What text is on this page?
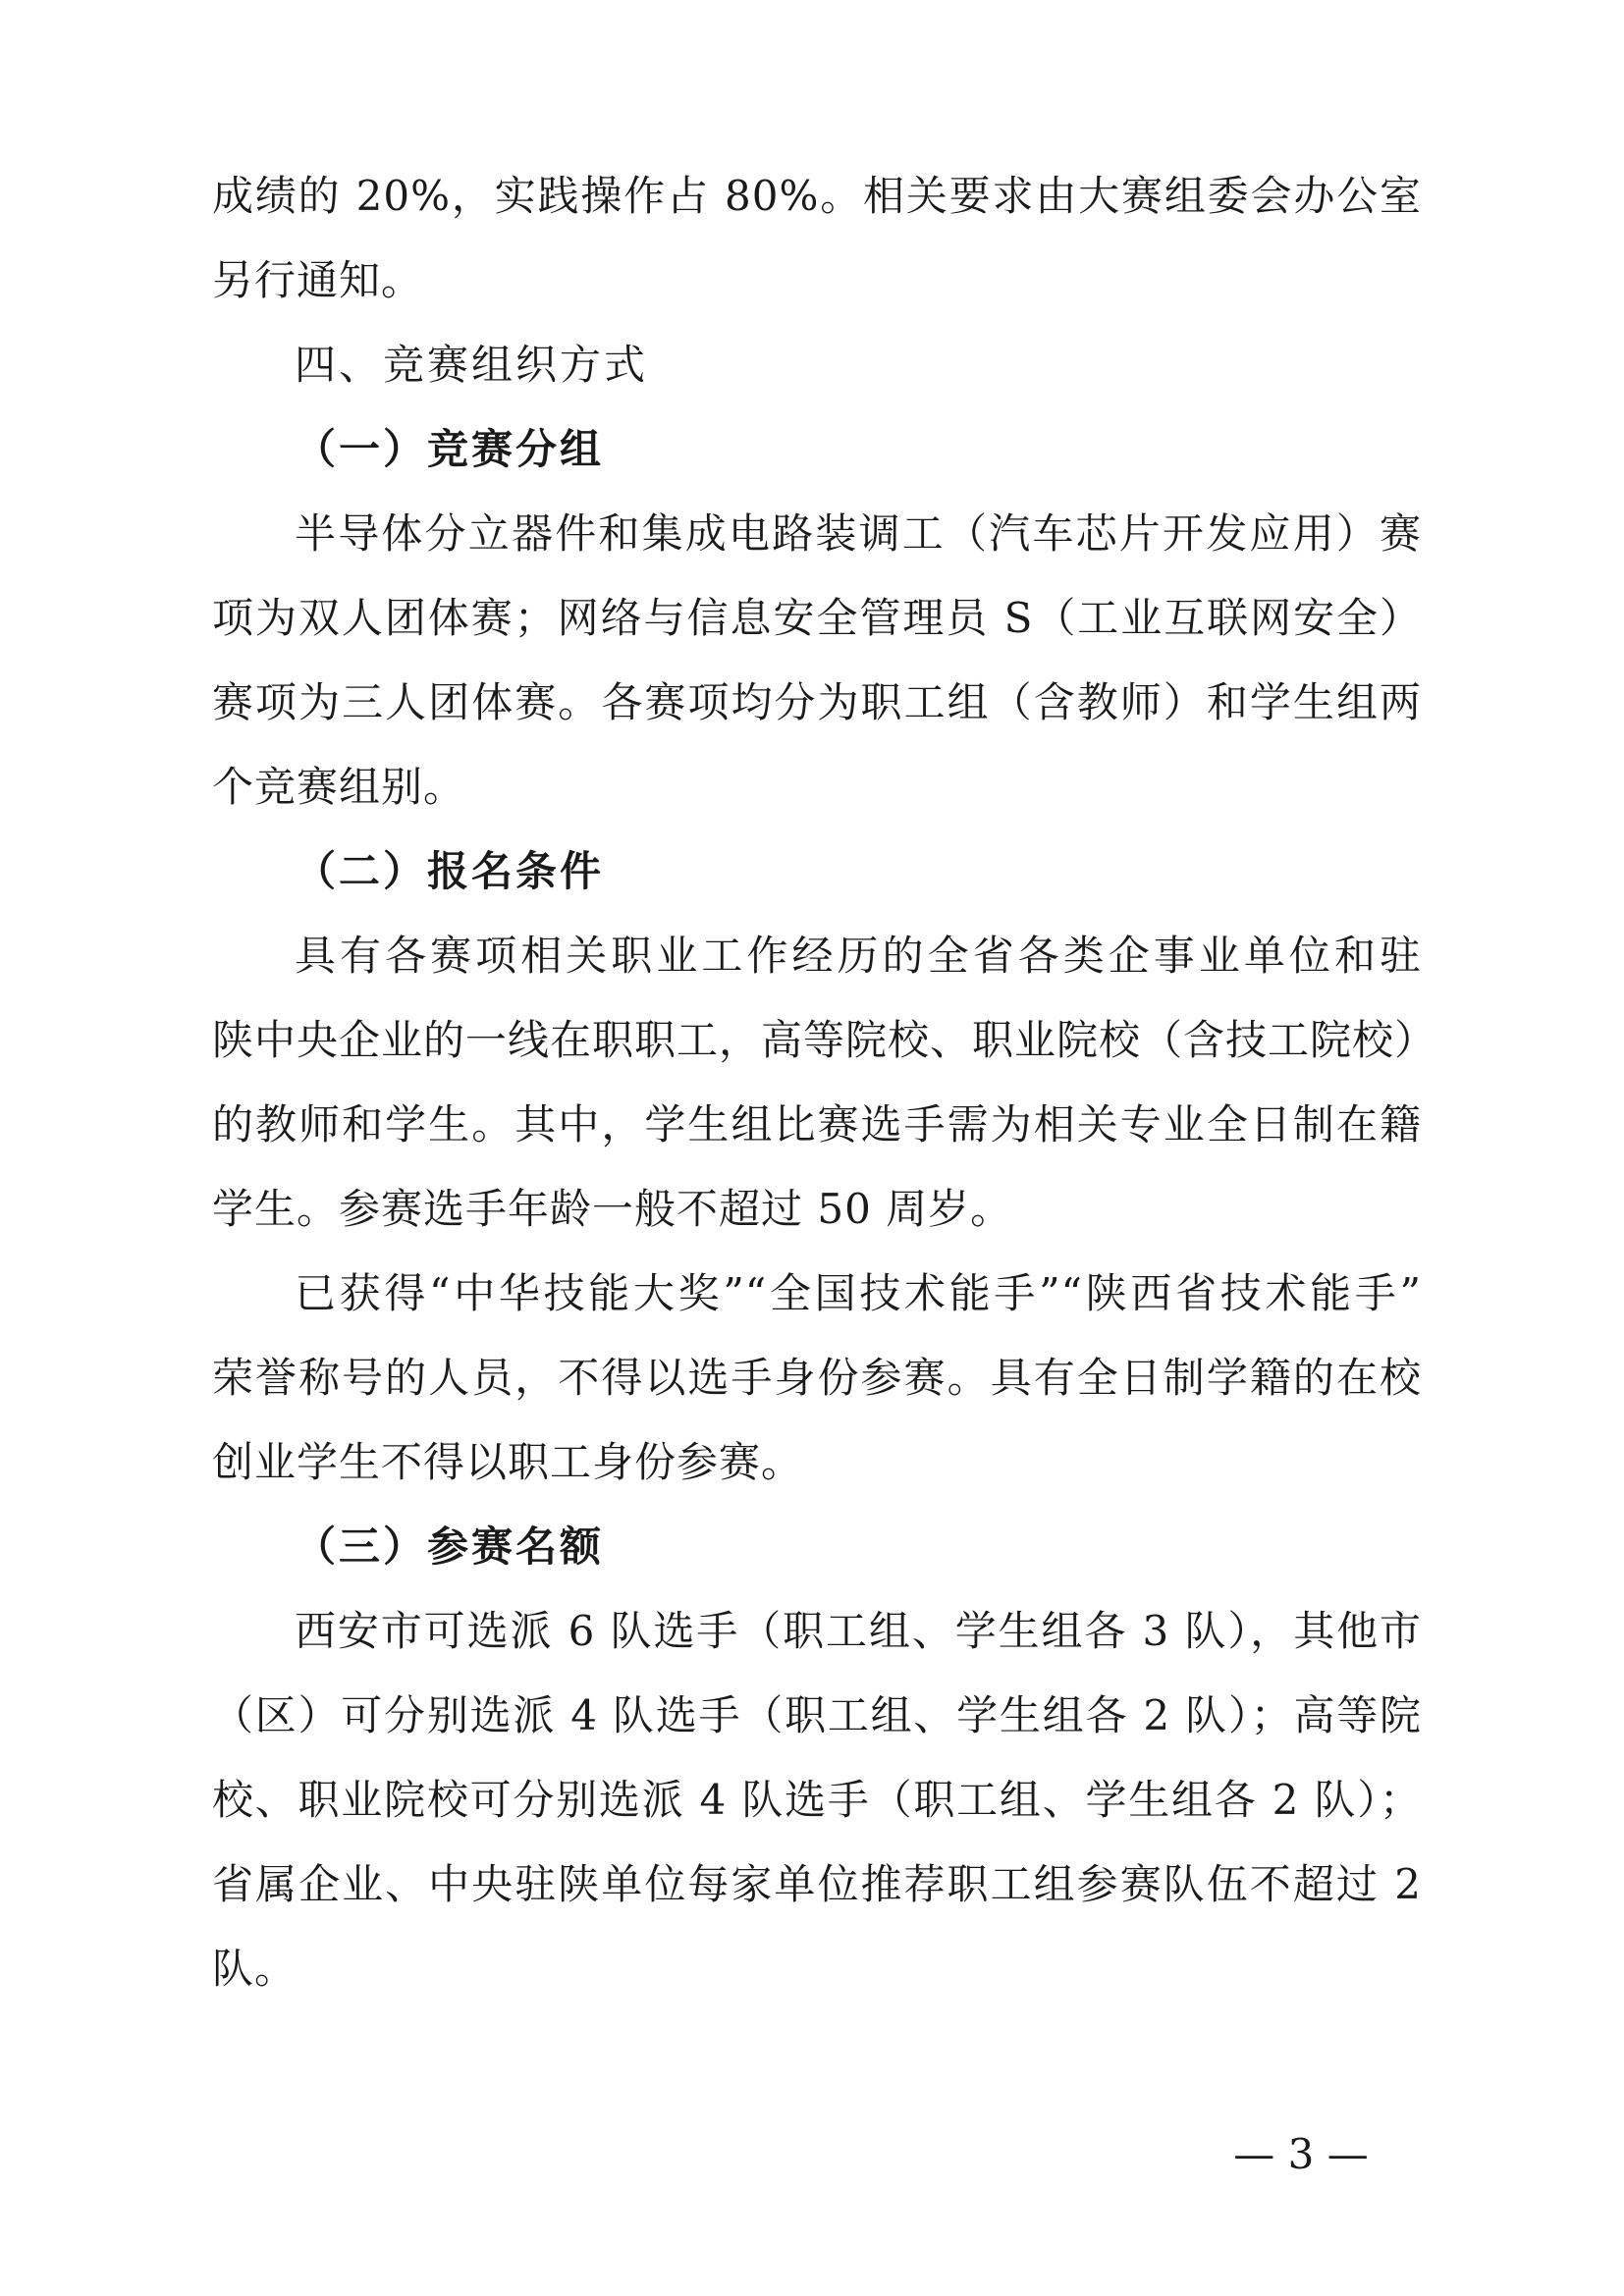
成绩的 20%，实践操作占 80%。相关要求由大赛组委会办公室
另行通知。
四、竞赛组织方式
（一）竞赛分组
半导体分立器件和集成电路装调工（汽车芯片开发应用）赛
项为双人团体赛；网络与信息安全管理员 S（工业互联网安全）
赛项为三人团体赛。各赛项均分为职工组（含教师）和学生组两
个竞赛组别。
（二）报名条件
具有各赛项相关职业工作经历的全省各类企事业单位和驻
陕中央企业的一线在职职工，高等院校、职业院校（含技工院校）
的教师和学生。其中，学生组比赛选手需为相关专业全日制在籍
学生。参赛选手年龄一般不超过 50 周岁。
已获得“中华技能大奖”“全国技术能手”“陕西省技术能手”
荣誉称号的人员，不得以选手身份参赛。具有全日制学籍的在校
创业学生不得以职工身份参赛。
（三）参赛名额
西安市可选派 6 队选手（职工组、学生组各 3 队），其他市
（区）可分别选派 4 队选手（职工组、学生组各 2 队）；高等院
校、职业院校可分别选派 4 队选手（职工组、学生组各 2 队）；
省属企业、中央驻陕单位每家单位推荐职工组参赛队伍不超过 2
队。
— 3 —
